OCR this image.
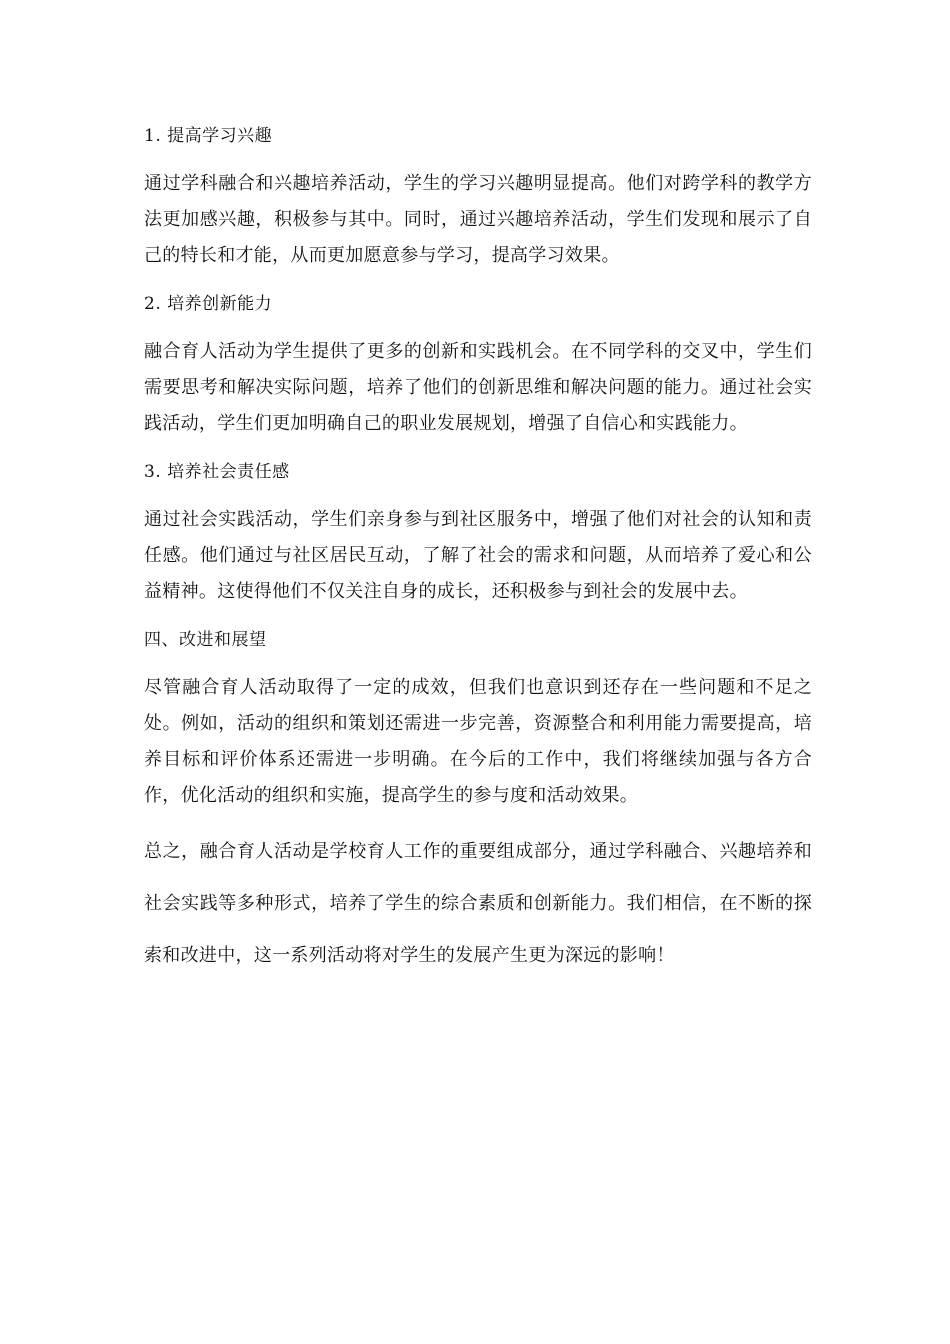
1. 提高学习兴趣
通过学科融合和兴趣培养活动，学生的学习兴趣明显提高。他们对跨学科的教学方法更加感兴趣，积极参与其中。同时，通过兴趣培养活动，学生们发现和展示了自己的特长和才能，从而更加愿意参与学习，提高学习效果。
2. 培养创新能力
融合育人活动为学生提供了更多的创新和实践机会。在不同学科的交叉中，学生们需要思考和解决实际问题，培养了他们的创新思维和解决问题的能力。通过社会实践活动，学生们更加明确自己的职业发展规划，增强了自信心和实践能力。
3. 培养社会责任感
通过社会实践活动，学生们亲身参与到社区服务中，增强了他们对社会的认知和责任感。他们通过与社区居民互动，了解了社会的需求和问题，从而培养了爱心和公益精神。这使得他们不仅关注自身的成长，还积极参与到社会的发展中去。
四、改进和展望
尽管融合育人活动取得了一定的成效，但我们也意识到还存在一些问题和不足之处。例如，活动的组织和策划还需进一步完善，资源整合和利用能力需要提高，培养目标和评价体系还需进一步明确。在今后的工作中，我们将继续加强与各方合作，优化活动的组织和实施，提高学生的参与度和活动效果。
总之，融合育人活动是学校育人工作的重要组成部分，通过学科融合、兴趣培养和社会实践等多种形式，培养了学生的综合素质和创新能力。我们相信，在不断的探索和改进中，这一系列活动将对学生的发展产生更为深远的影响！
